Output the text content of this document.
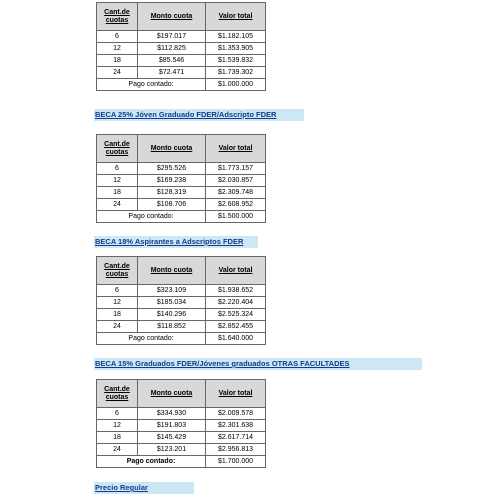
Cant.de cuotas	Monto cuota	Valor total
6	$197.017	$1.182.105
12	$112.825	$1.353.905
18	$85.546	$1.539.832
24	$72.471	$1.739.302
Pago contado:		$1.000.000
BECA 25% Jóven Graduado FDER/Adscripto FDER
Cant.de cuotas	Monto cuota	Valor total
6	$295.526	$1.773.157
12	$169.238	$2.030.857
18	$128.319	$2.309.748
24	$108.706	$2.608.952
Pago contado:		$1.500.000
BECA 18% Aspirantes a Adscriptos FDER
Cant.de cuotas	Monto cuota	Valor total
6	$323.109	$1.938.652
12	$185.034	$2.220.404
18	$140.296	$2.525.324
24	$118.852	$2.852.455
Pago contado:		$1.640.000
BECA 15% Graduados FDER/Jóvenes graduados OTRAS FACULTADES
Cant.de cuotas	Monto cuota	Valor total
6	$334.930	$2.009.578
12	$191.803	$2.301.638
18	$145.429	$2.617.714
24	$123.201	$2.956.813
Pago contado:		$1.700.000
Precio Regular
